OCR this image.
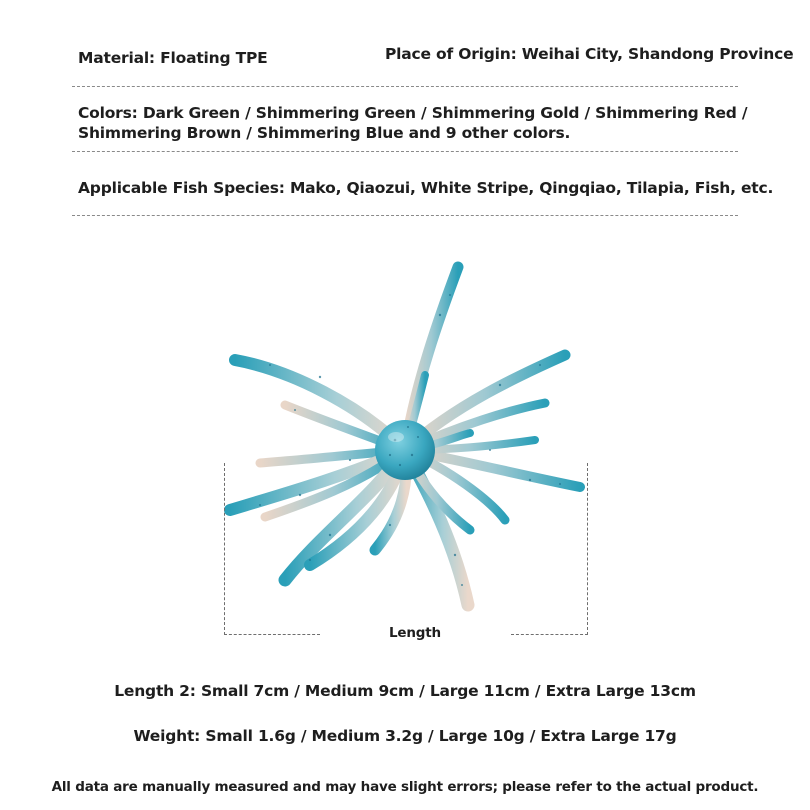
Material: Floating TPE	Place of Origin: Weihai City, Shandong Province
Colors: Dark Green / Shimmering Green / Shimmering Gold / Shimmering Red / Shimmering Brown / Shimmering Blue and 9 other colors.
Applicable Fish Species: Mako, Qiaozui, White Stripe, Qingqiao, Tilapia, Fish, etc.
Length
Length 2: Small 7cm / Medium 9cm / Large 11cm / Extra Large 13cm
Weight: Small 1.6g / Medium 3.2g / Large 10g / Extra Large 17g
All data are manually measured and may have slight errors; please refer to the actual product.
